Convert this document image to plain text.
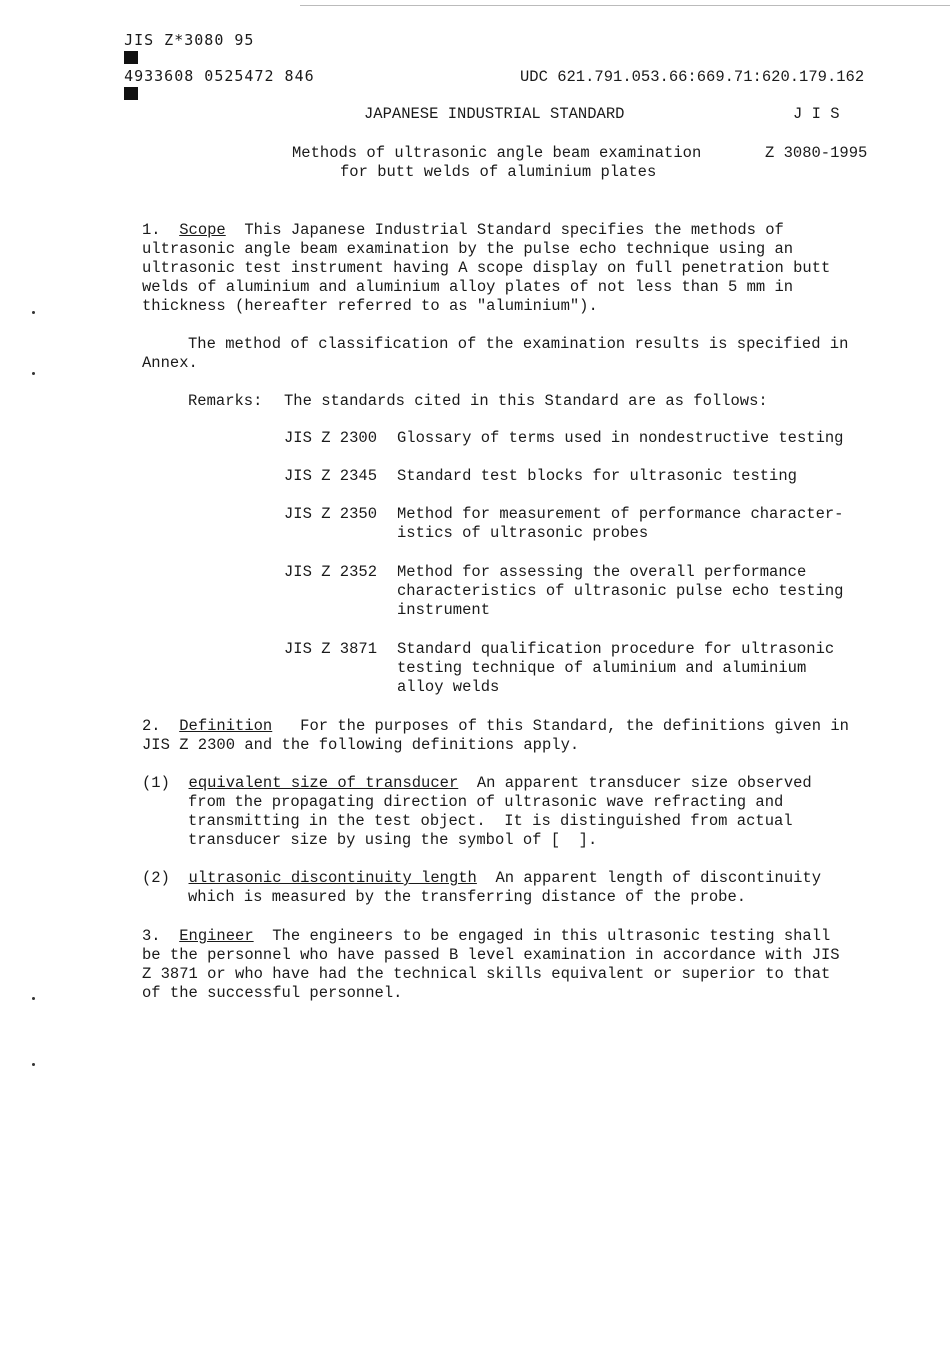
JIS Z*3080 95

4933608 0525472 846
	UDC 621.791.053.66:669.71:620.179.162
JAPANESE INDUSTRIAL STANDARD	J I S
Methods of ultrasonic angle beam examination	Z 3080-1995
for butt welds of aluminium plates
1. Scope This Japanese Industrial Standard specifies the methods of
ultrasonic angle beam examination by the pulse echo technique using an
ultrasonic test instrument having A scope display on full penetration butt
welds of aluminium and aluminium alloy plates of not less than 5 mm in
thickness (hereafter referred to as "aluminium").
The method of classification of the examination results is specified in
Annex.
Remarks: The standards cited in this Standard are as follows:
JIS Z 2300 Glossary of terms used in nondestructive testing
JIS Z 2345 Standard test blocks for ultrasonic testing
JIS Z 2350 Method for measurement of performance character-
istics of ultrasonic probes
JIS Z 2352 Method for assessing the overall performance
characteristics of ultrasonic pulse echo testing
instrument
JIS Z 3871 Standard qualification procedure for ultrasonic
testing technique of aluminium and aluminium
alloy welds
2. Definition For the purposes of this Standard, the definitions given in
JIS Z 2300 and the following definitions apply.
(1) equivalent size of transducer An apparent transducer size observed
from the propagating direction of ultrasonic wave refracting and
transmitting in the test object.  It is distinguished from actual
transducer size by using the symbol of [  ].
(2) ultrasonic discontinuity length An apparent length of discontinuity
which is measured by the transferring distance of the probe.
3. Engineer The engineers to be engaged in this ultrasonic testing shall
be the personnel who have passed B level examination in accordance with JIS
Z 3871 or who have had the technical skills equivalent or superior to that
of the successful personnel.
